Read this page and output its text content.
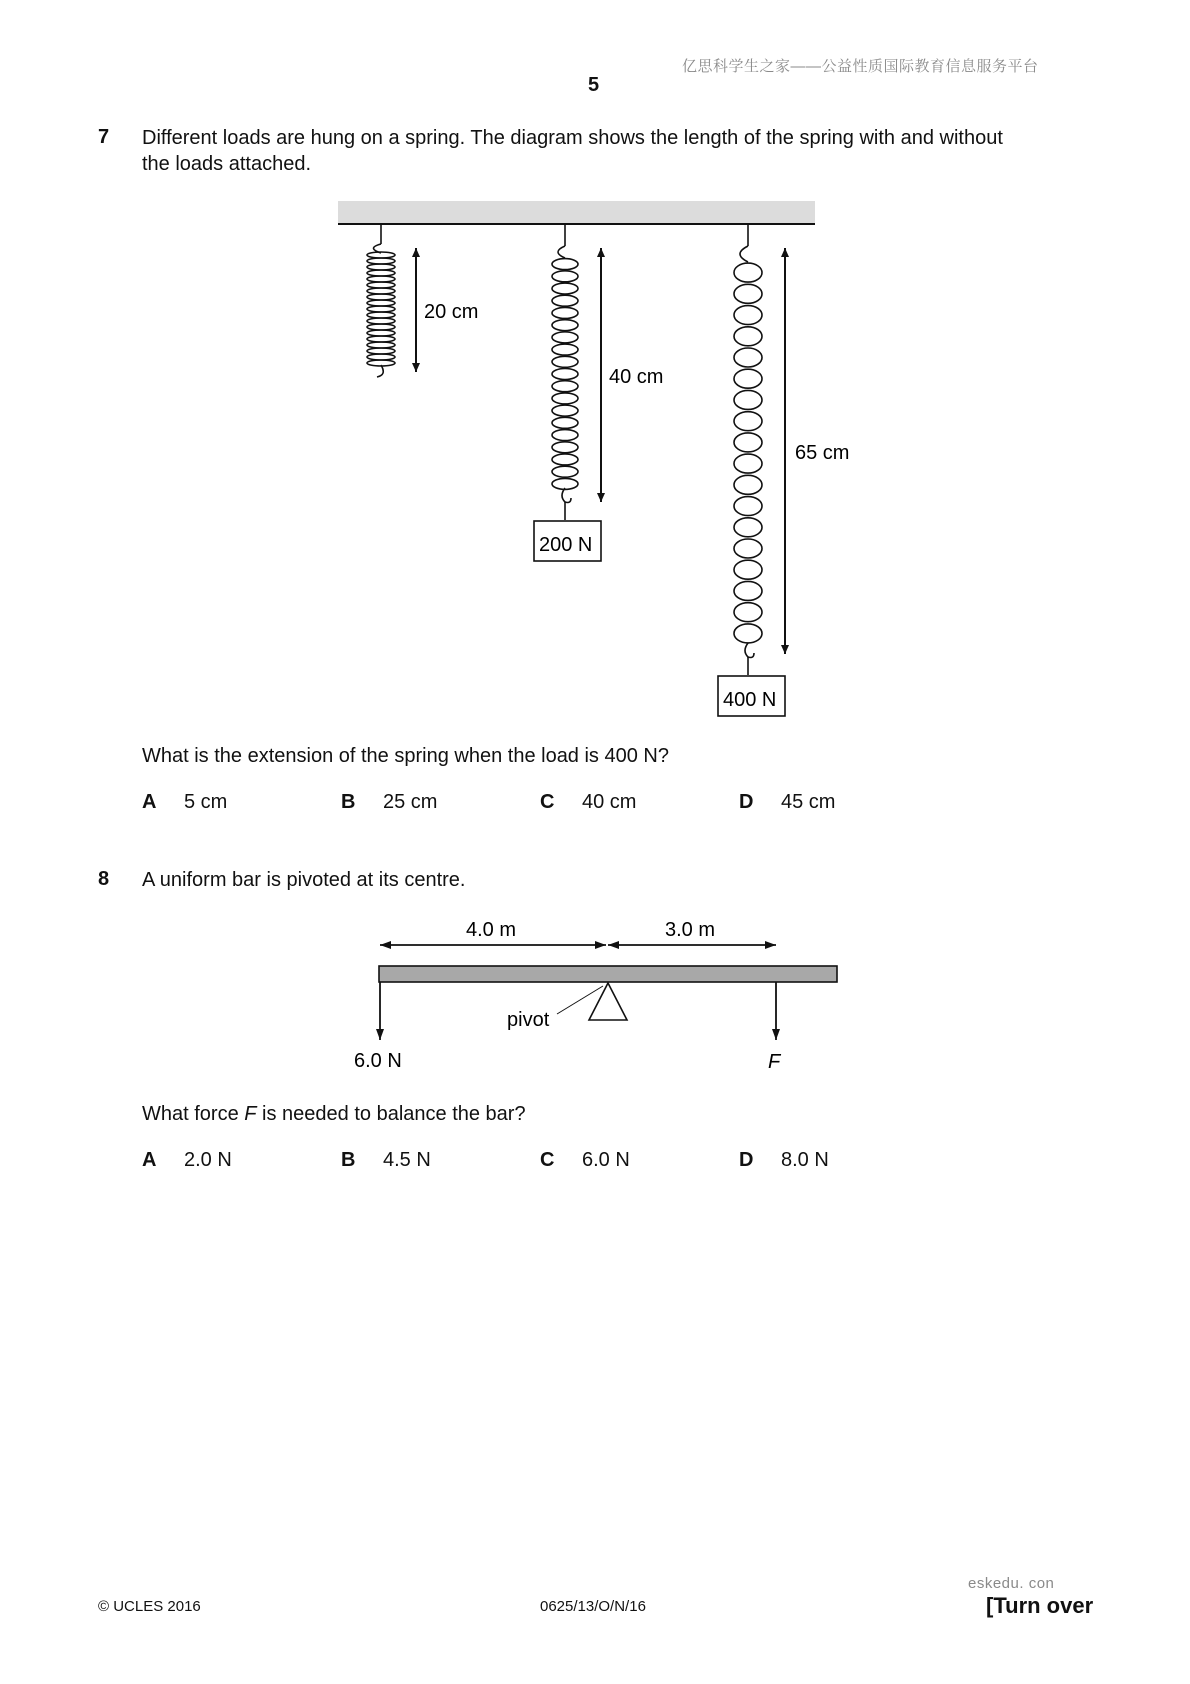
亿思科学生之家——公益性质国际教育信息服务平台
5
7 Different loads are hung on a spring. The diagram shows the length of the spring with and without
the loads attached.
20 cm
200 N
40 cm
400 N
65 cm
What is the extension of the spring when the load is 400 N?
A 5 cm	B 25 cm	C 40 cm	D 45 cm
8 A uniform bar is pivoted at its centre.
4.0 m	3.0 m
pivot
6.0 N	F
What force F is needed to balance the bar?
A 2.0 N	B 4.5 N	C 6.0 N	D 8.0 N
eskedu. con
© UCLES 2016	0625/13/O/N/16	[Turn over
